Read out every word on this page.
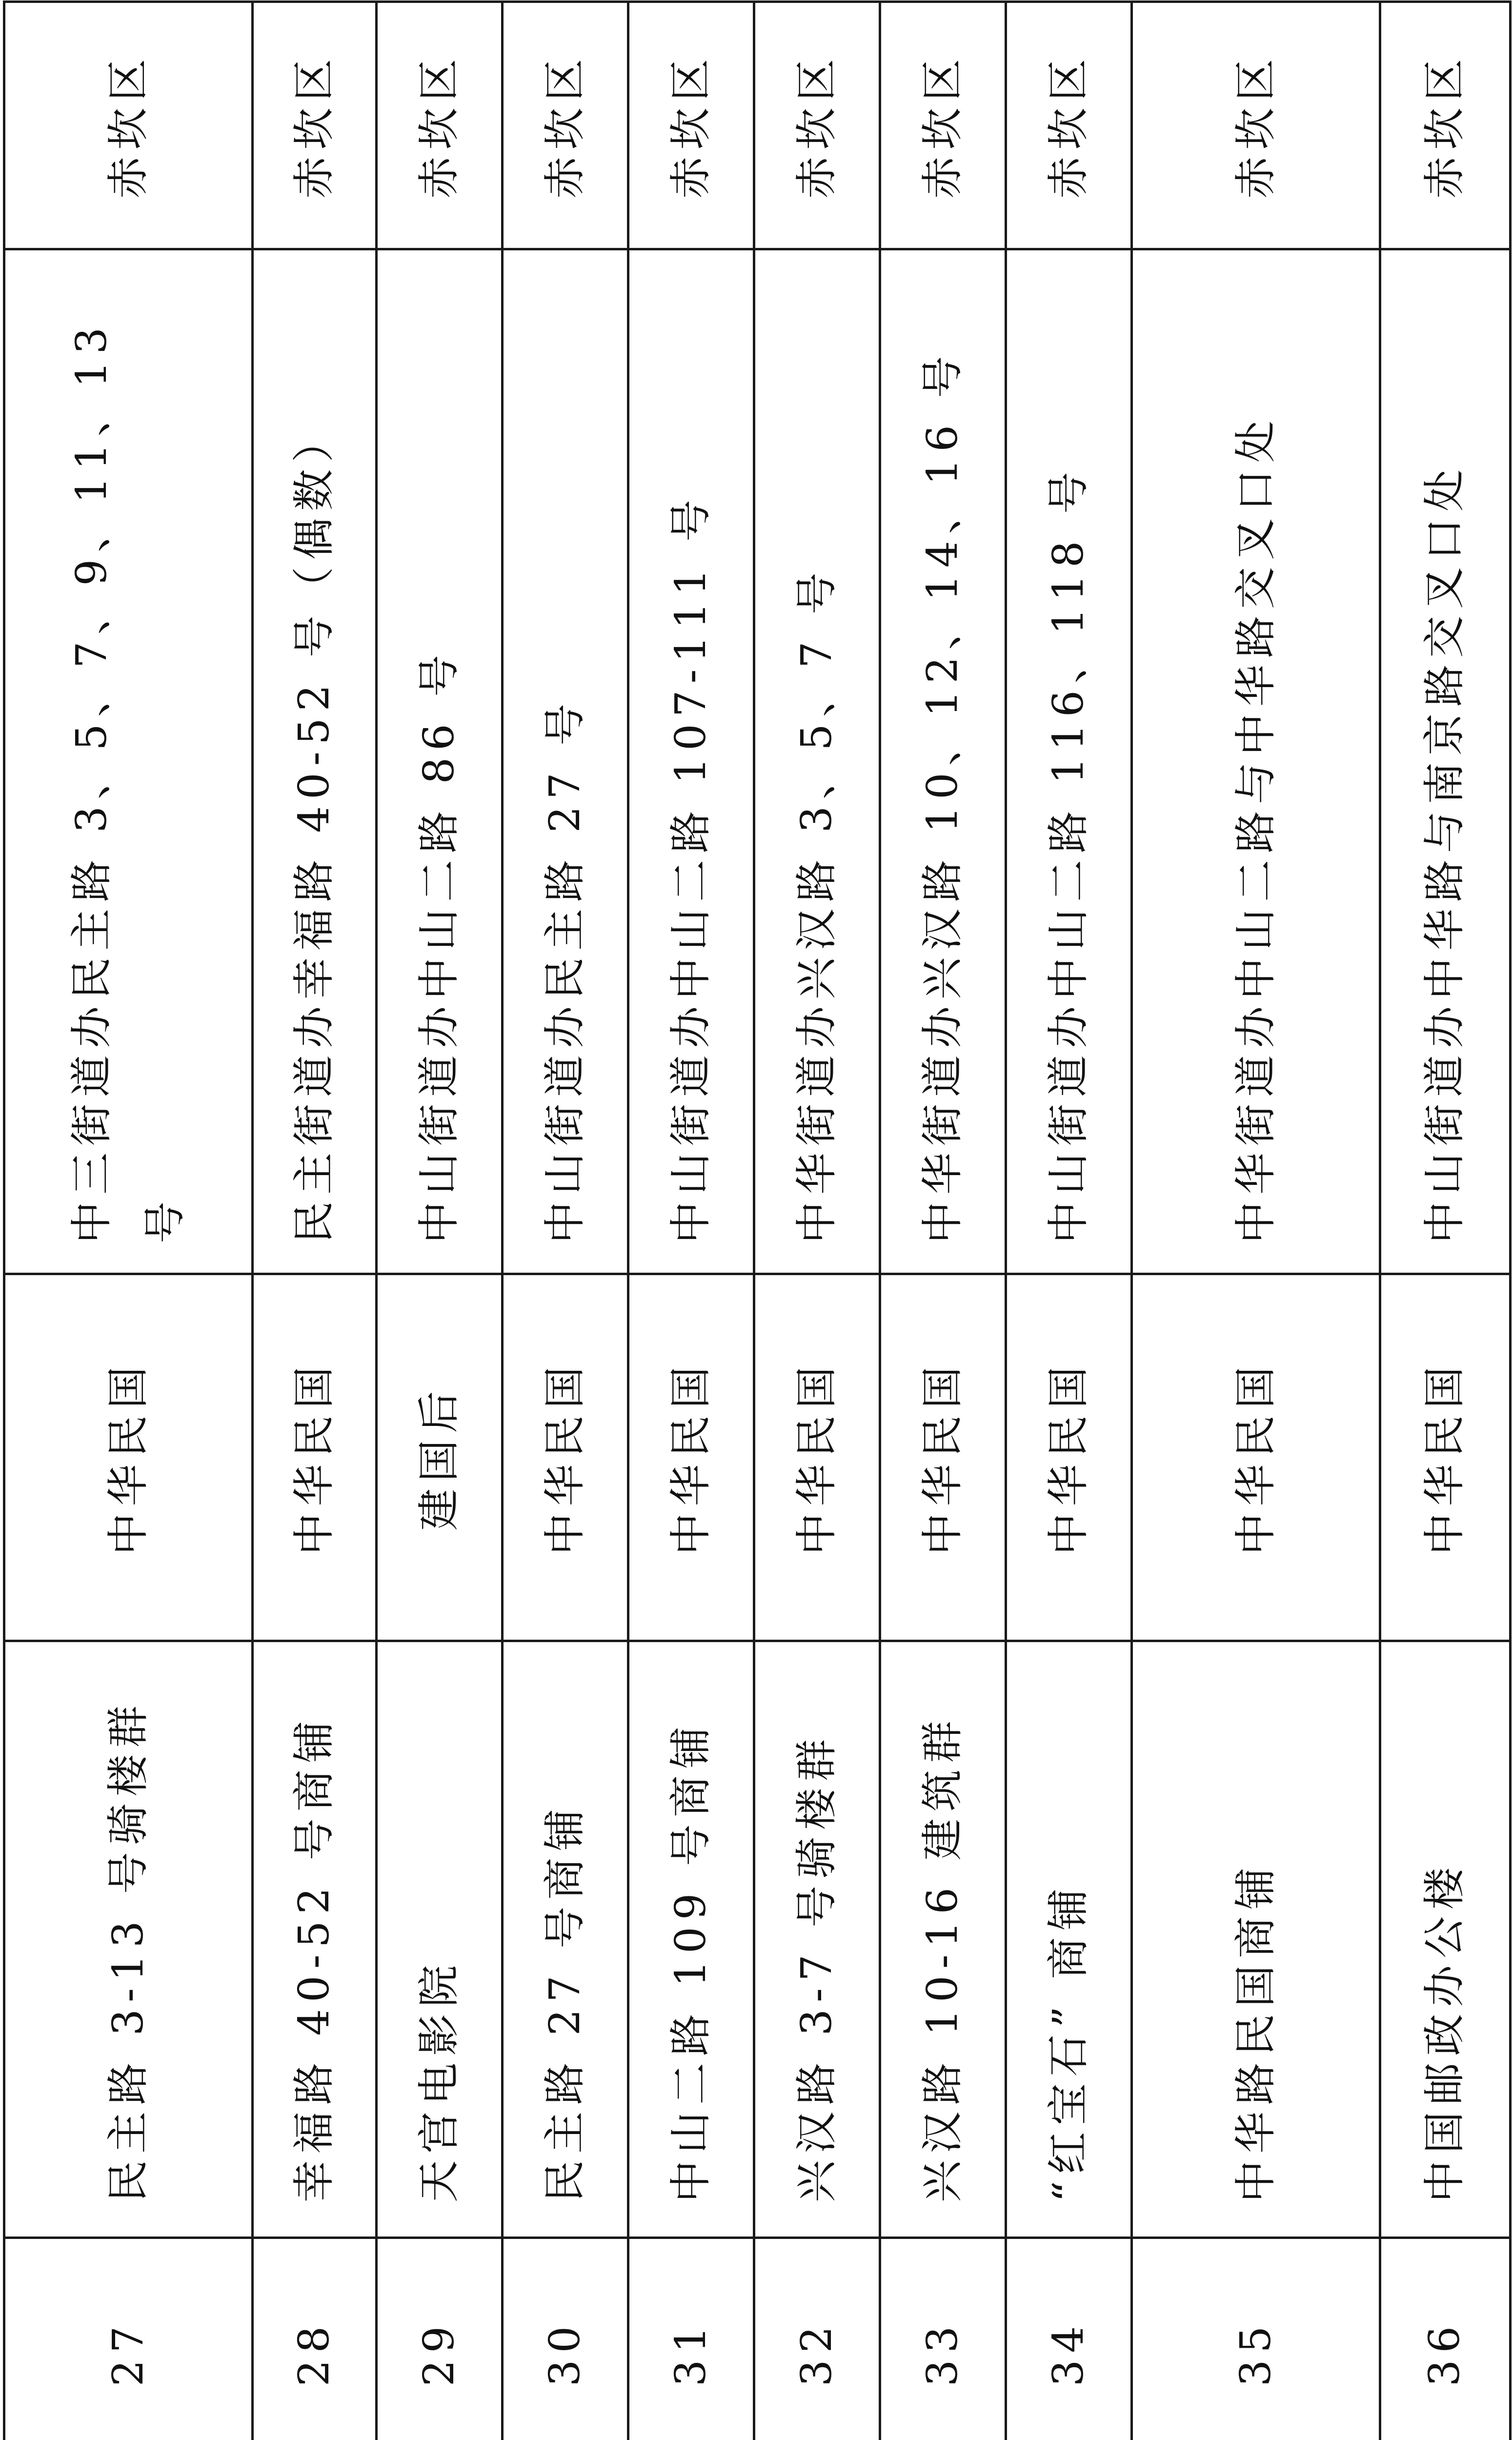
27	民主路 3-13 号骑楼群	中华民国	中三街道办民主路 3、5、7、9、11、13 号	赤坎区
28	幸福路 40-52 号商铺	中华民国	民主街道办幸福路 40-52 号（偶数）	赤坎区
29	天宫电影院	建国后	中山街道办中山二路 86 号	赤坎区
30	民主路 27 号商铺	中华民国	中山街道办民主路 27 号	赤坎区
31	中山二路 109 号商铺	中华民国	中山街道办中山二路 107-111 号	赤坎区
32	兴汉路 3-7 号骑楼群	中华民国	中华街道办兴汉路 3、5、7 号	赤坎区
33	兴汉路 10-16 建筑群	中华民国	中华街道办兴汉路 10、12、14、16 号	赤坎区
34	“红宝石” 商铺	中华民国	中山街道办中山二路 116、118 号	赤坎区
35	中华路民国商铺	中华民国	中华街道办中山二路与中华路交叉口处	赤坎区
36	中国邮政办公楼	中华民国	中山街道办中华路与南京路交叉口处	赤坎区
